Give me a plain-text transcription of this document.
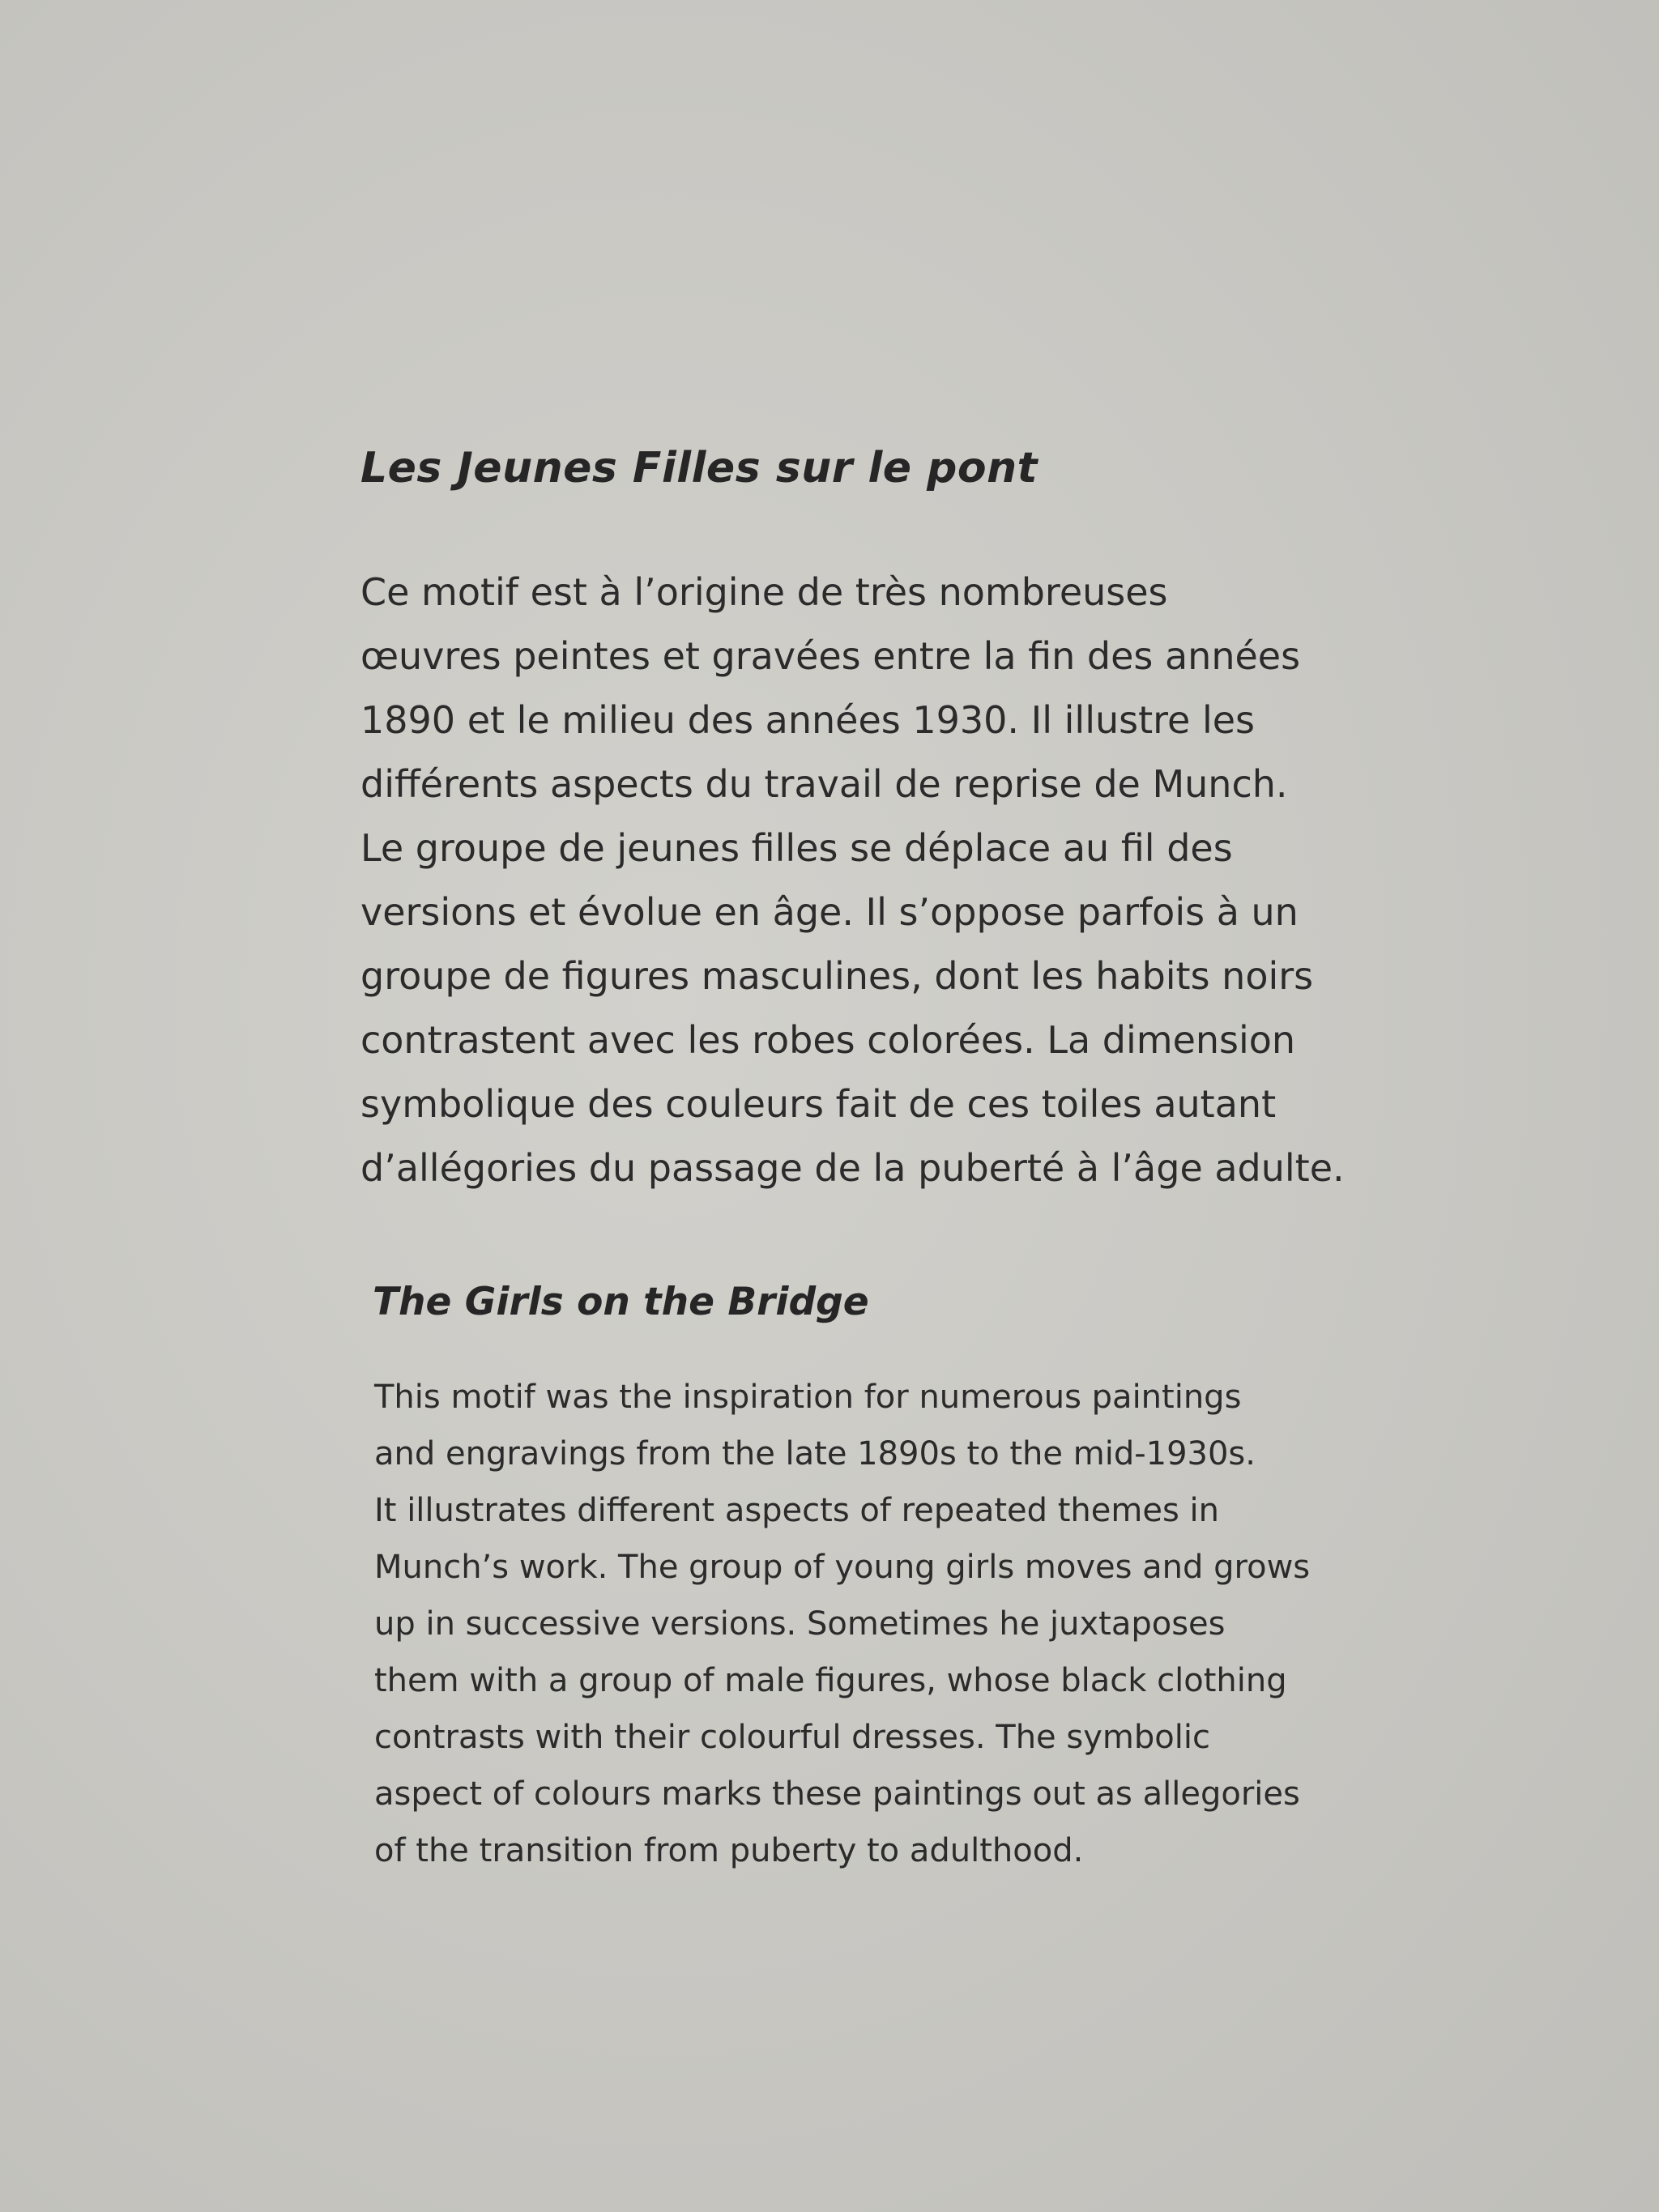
Les Jeunes Filles sur le pont

Ce motif est à l’origine de très nombreuses
œuvres peintes et gravées entre la fin des années
1890 et le milieu des années 1930. Il illustre les
différents aspects du travail de reprise de Munch.
Le groupe de jeunes filles se déplace au fil des
versions et évolue en âge. Il s’oppose parfois à un
groupe de figures masculines, dont les habits noirs
contrastent avec les robes colorées. La dimension
symbolique des couleurs fait de ces toiles autant
d’allégories du passage de la puberté à l’âge adulte.

The Girls on the Bridge

This motif was the inspiration for numerous paintings
and engravings from the late 1890s to the mid-1930s.
It illustrates different aspects of repeated themes in
Munch’s work. The group of young girls moves and grows
up in successive versions. Sometimes he juxtaposes
them with a group of male figures, whose black clothing
contrasts with their colourful dresses. The symbolic
aspect of colours marks these paintings out as allegories
of the transition from puberty to adulthood.
